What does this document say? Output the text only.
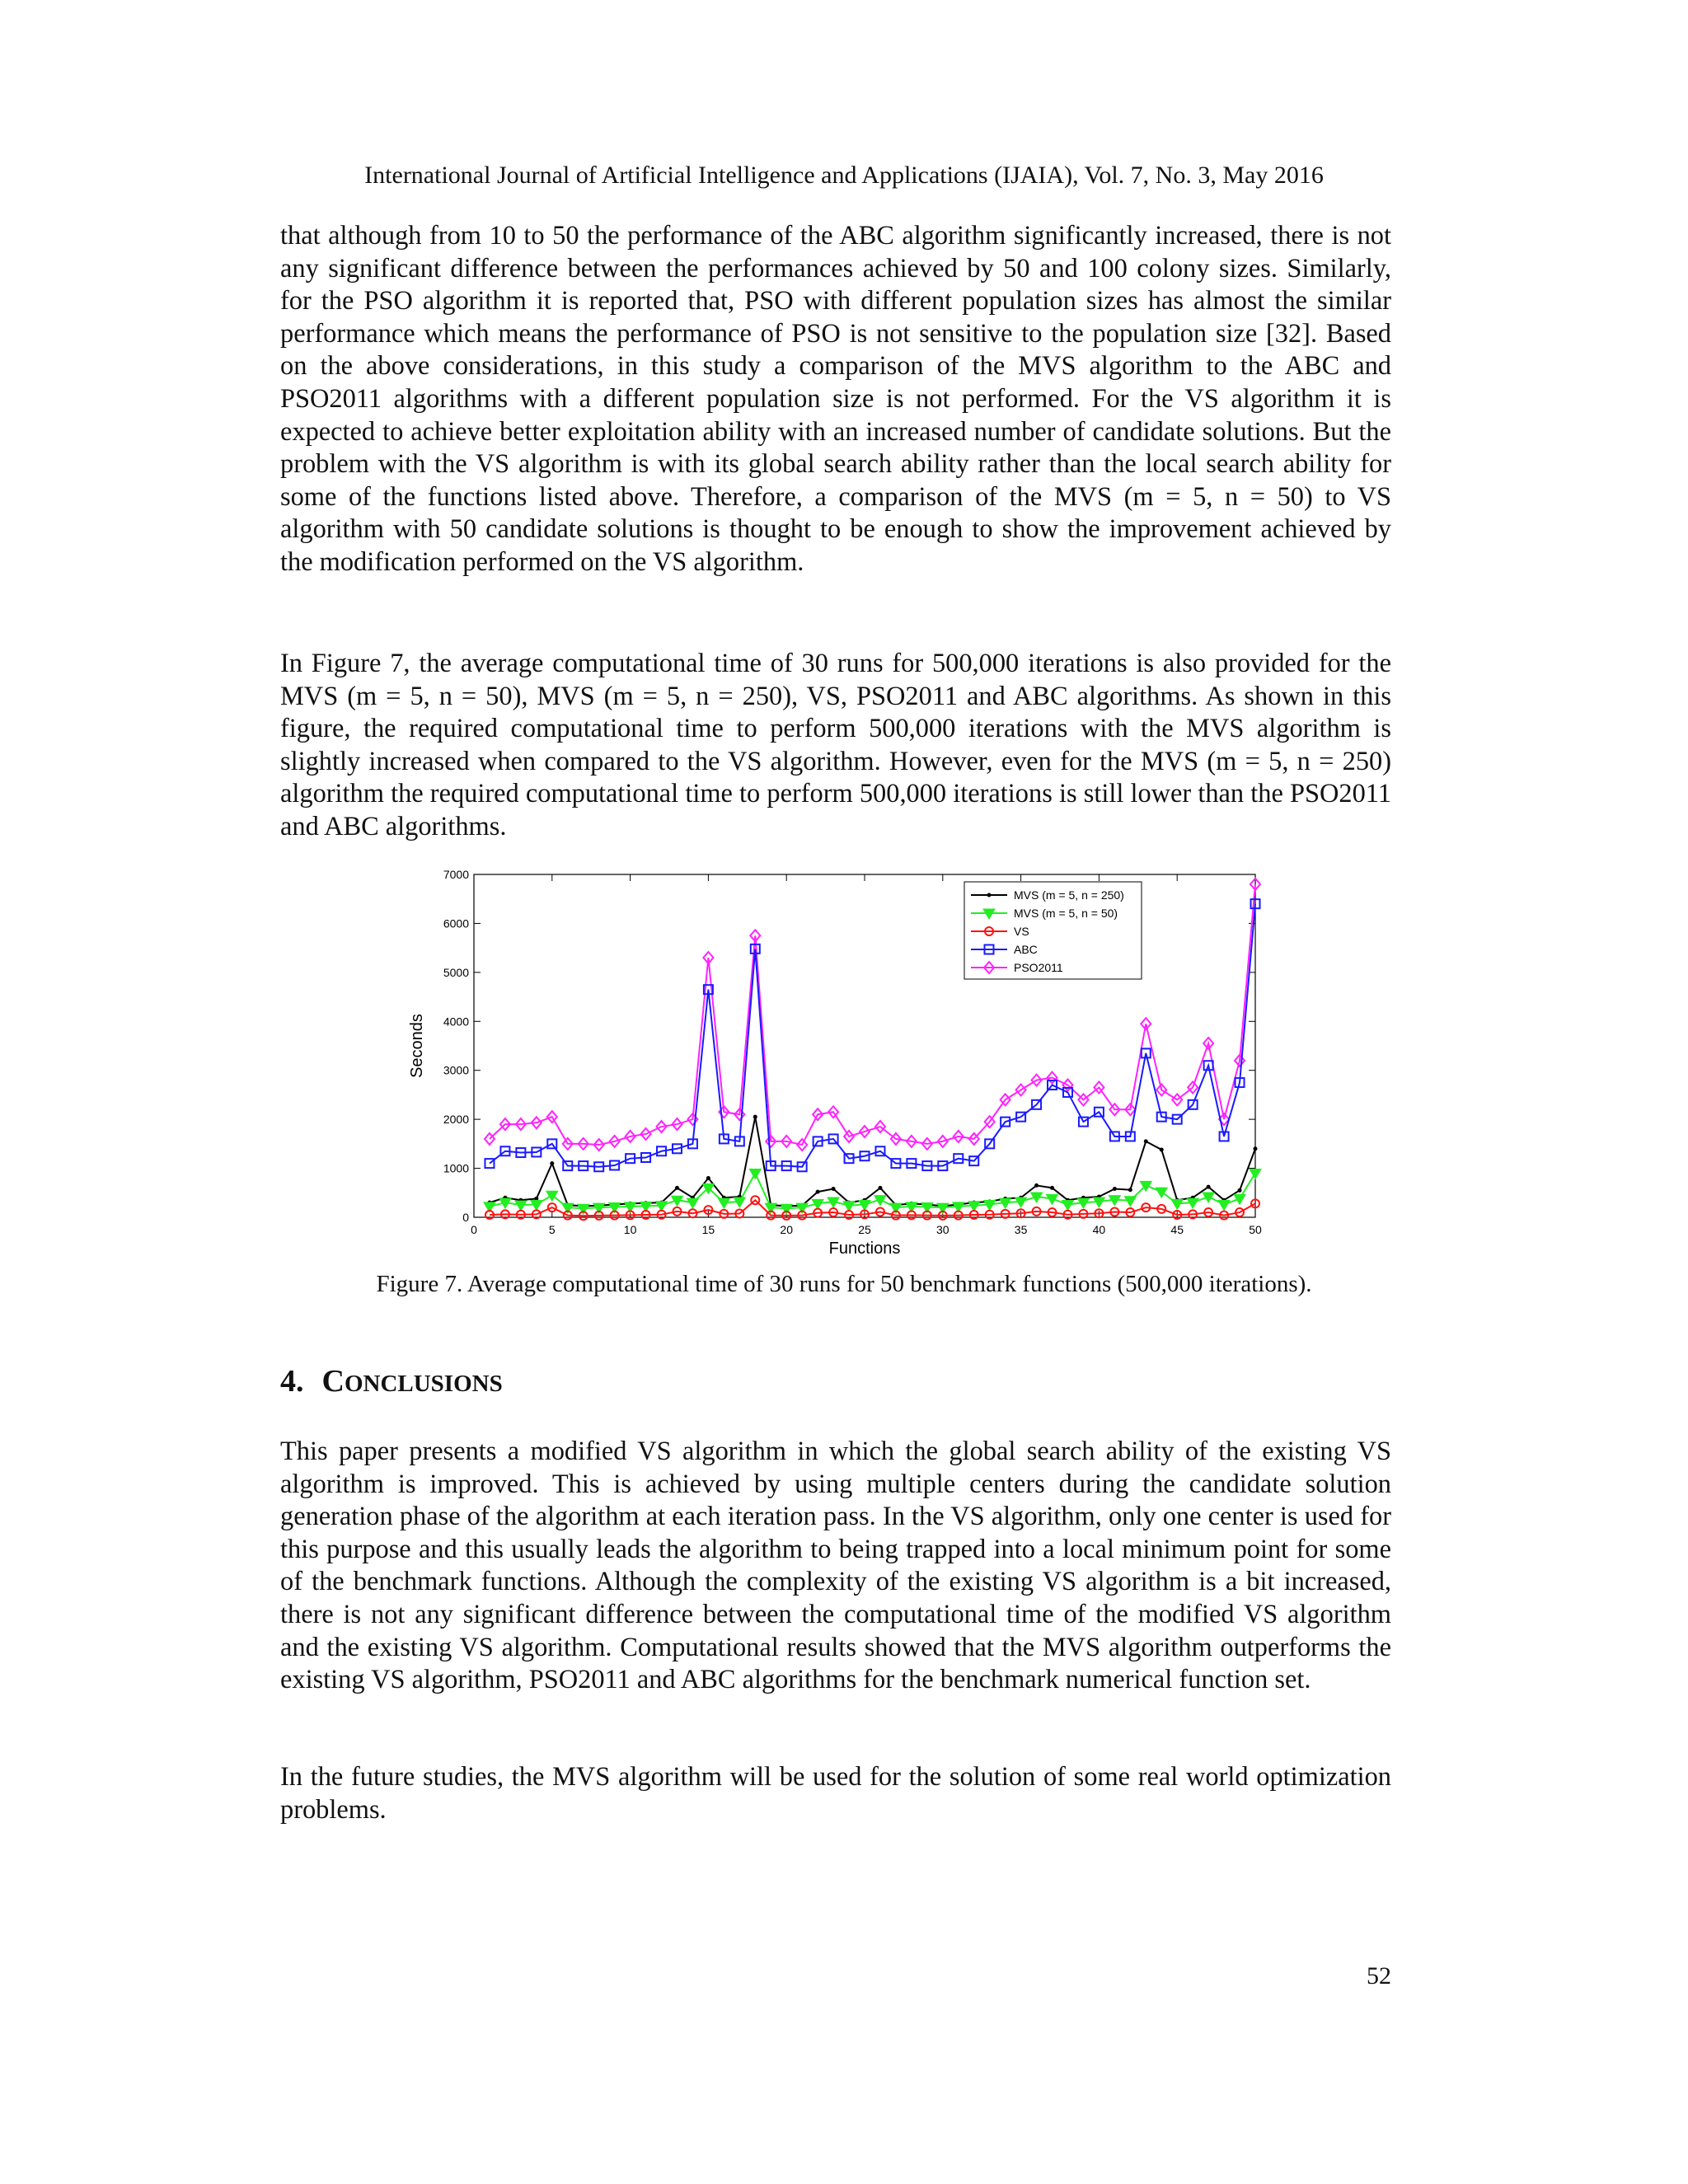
International Journal of Artificial Intelligence and Applications (IJAIA), Vol. 7, No. 3, May 2016

that although from 10 to 50 the performance of the ABC algorithm significantly increased, there is not any significant difference between the performances achieved by 50 and 100 colony sizes. Similarly, for the PSO algorithm it is reported that, PSO with different population sizes has almost the similar performance which means the performance of PSO is not sensitive to the population size [32]. Based on the above considerations, in this study a comparison of the MVS algorithm to the ABC and PSO2011 algorithms with a different population size is not performed. For the VS algorithm it is expected to achieve better exploitation ability with an increased number of candidate solutions. But the problem with the VS algorithm is with its global search ability rather than the local search ability for some of the functions listed above. Therefore, a comparison of the MVS (m = 5, n = 50) to VS algorithm with 50 candidate solutions is thought to be enough to show the improvement achieved by the modification performed on the VS algorithm.

In Figure 7, the average computational time of 30 runs for 500,000 iterations is also provided for the MVS (m = 5, n = 50), MVS (m = 5, n = 250), VS, PSO2011 and ABC algorithms. As shown in this figure, the required computational time to perform 500,000 iterations with the MVS algorithm is slightly increased when compared to the VS algorithm. However, even for the MVS (m = 5, n = 250) algorithm the required computational time to perform 500,000 iterations is still lower than the PSO2011 and ABC algorithms.

0
1000
2000
3000
4000
5000
6000
7000
0	5	10	15	20	25	30	35	40	45	50
Functions
Seconds
MVS (m = 5, n = 250)
MVS (m = 5, n = 50)
VS
ABC
PSO2011
Figure 7. Average computational time of 30 runs for 50 benchmark functions (500,000 iterations).
4. CONCLUSIONS

This paper presents a modified VS algorithm in which the global search ability of the existing VS algorithm is improved. This is achieved by using multiple centers during the candidate solution generation phase of the algorithm at each iteration pass. In the VS algorithm, only one center is used for this purpose and this usually leads the algorithm to being trapped into a local minimum point for some of the benchmark functions. Although the complexity of the existing VS algorithm is a bit increased, there is not any significant difference between the computational time of the modified VS algorithm and the existing VS algorithm. Computational results showed that the MVS algorithm outperforms the existing VS algorithm, PSO2011 and ABC algorithms for the benchmark numerical function set.

In the future studies, the MVS algorithm will be used for the solution of some real world optimization problems.

52
